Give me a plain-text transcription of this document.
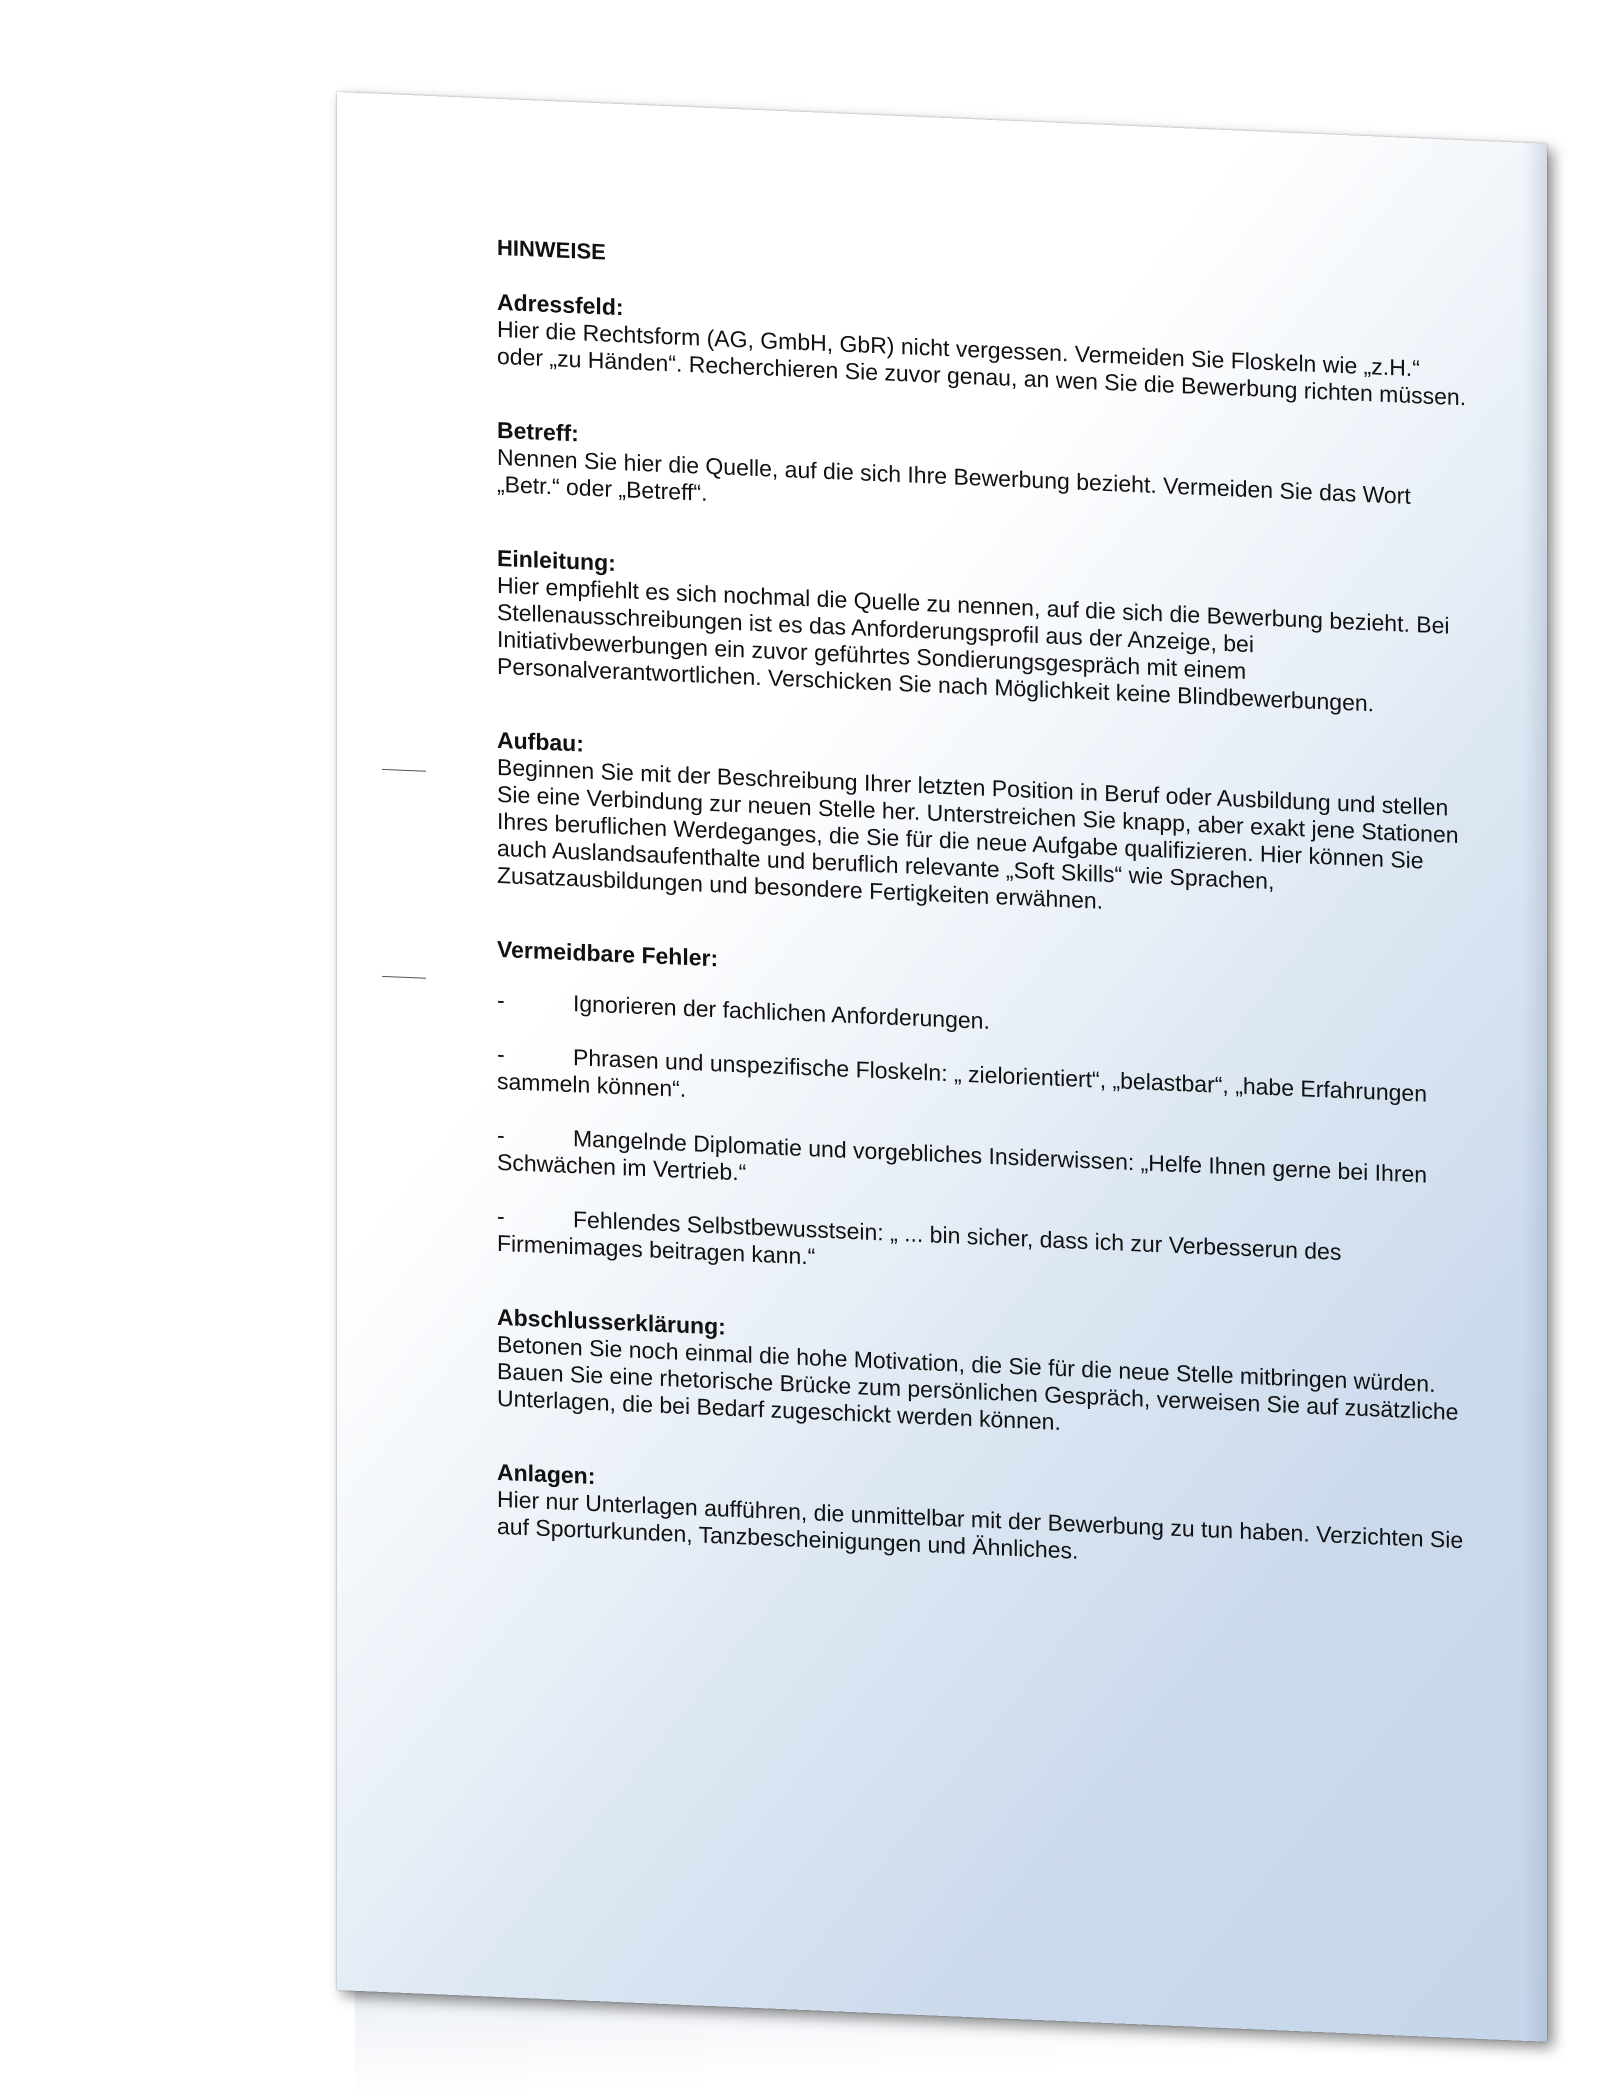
HINWEISE

Adressfeld:

Hier die Rechtsform (AG, GmbH, GbR) nicht vergessen. Vermeiden Sie Floskeln wie „z.H.“ oder „zu Händen“. Recherchieren Sie zuvor genau, an wen Sie die Bewerbung richten müssen.

Betreff:

Nennen Sie hier die Quelle, auf die sich Ihre Bewerbung bezieht. Vermeiden Sie das Wort „Betr.“ oder „Betreff“.

Einleitung:

Hier empfiehlt es sich nochmal die Quelle zu nennen, auf die sich die Bewerbung bezieht. Bei Stellenausschreibungen ist es das Anforderungsprofil aus der Anzeige, bei Initiativbewerbungen ein zuvor geführtes Sondierungsgespräch mit einem Personalverantwortlichen. Verschicken Sie nach Möglichkeit keine Blindbewerbungen.

Aufbau:

Beginnen Sie mit der Beschreibung Ihrer letzten Position in Beruf oder Ausbildung und stellen Sie eine Verbindung zur neuen Stelle her. Unterstreichen Sie knapp, aber exakt jene Stationen Ihres beruflichen Werdeganges, die Sie für die neue Aufgabe qualifizieren. Hier können Sie auch Auslandsaufenthalte und beruflich relevante „Soft Skills“ wie Sprachen, Zusatzausbildungen und besondere Fertigkeiten erwähnen.

Vermeidbare Fehler:

-	Ignorieren der fachlichen Anforderungen.
-	Phrasen und unspezifische Floskeln: „ zielorientiert“, „belastbar“, „habe Erfahrungen sammeln können“.
-	Mangelnde Diplomatie und vorgebliches Insiderwissen: „Helfe Ihnen gerne bei Ihren Schwächen im Vertrieb.“
-	Fehlendes Selbstbewusstsein: „ ... bin sicher, dass ich zur Verbesserun des Firmenimages beitragen kann.“

Abschlusserklärung:

Betonen Sie noch einmal die hohe Motivation, die Sie für die neue Stelle mitbringen würden. Bauen Sie eine rhetorische Brücke zum persönlichen Gespräch, verweisen Sie auf zusätzliche Unterlagen, die bei Bedarf zugeschickt werden können.

Anlagen:

Hier nur Unterlagen aufführen, die unmittelbar mit der Bewerbung zu tun haben. Verzichten Sie auf Sporturkunden, Tanzbescheinigungen und Ähnliches.
